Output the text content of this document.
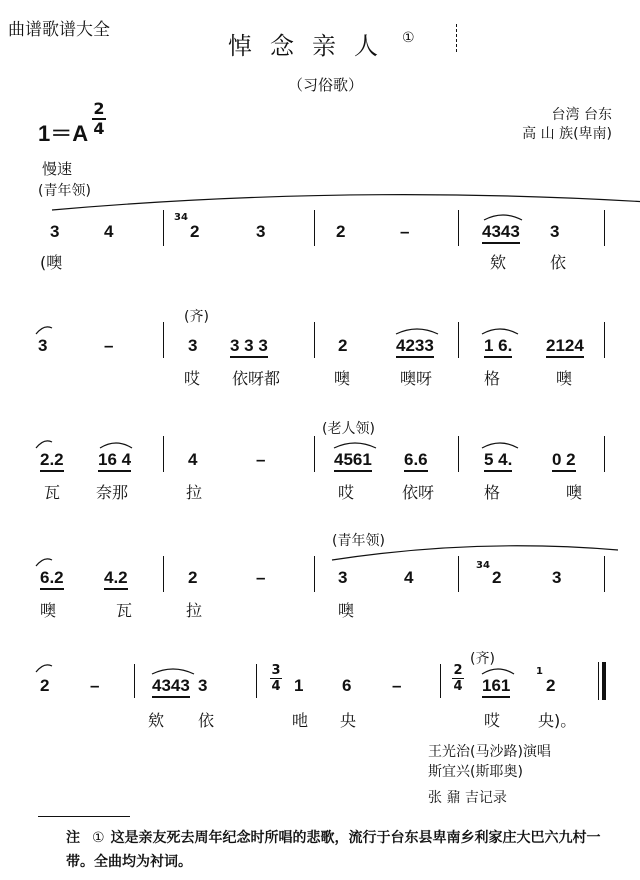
曲谱歌谱大全
悼念亲人 ①
（习俗歌）
1＝A
2
4
台湾 台东
高 山 族(卑南)
慢速
(青年领)
3	4
34
2	3	2	–	4343 3
(噢	欸	依
(齐)
3	–	3 3 3 3	2	4233	1 6. 2124
哎 依呀都	噢	噢呀	格	噢
(老人领)
2.2 16 4	4	–	4561 6.6	5 4. 0 2
瓦 奈那	拉	哎	依呀	格	噢
(青年领)
6.2 4.2	2	–	3	4
34
2	3
噢	瓦	拉	噢
(齐)
2 –	4343 3
3
4 1 6 –
2
4 161
1
2
欸 依	吔 央	哎 央)。
王光治(马沙路)演唱
斯宜兴(斯耶奥)
张 鼐 吉记录
注 ① 这是亲友死去周年纪念时所唱的悲歌，流行于台东县卑南乡利家庄大巴六九村一带。全曲均为衬词。
